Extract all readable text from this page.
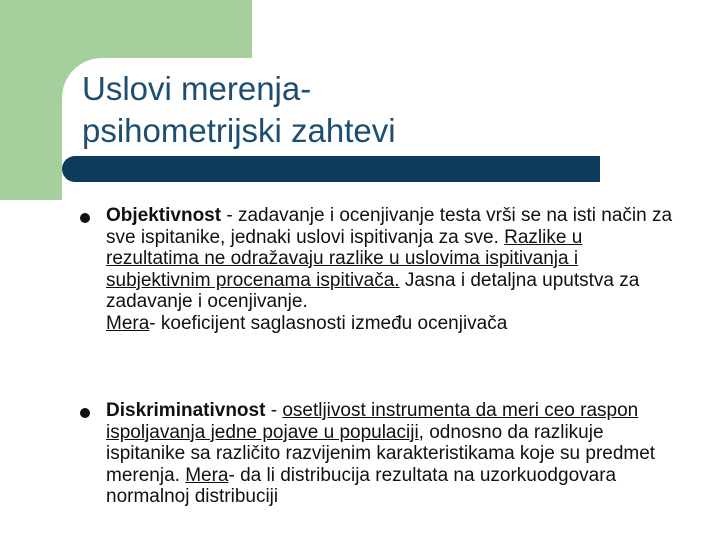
Uslovi merenja-
psihometrijski zahtevi
Objektivnost - zadavanje i ocenjivanje testa vrši se na isti način za sve ispitanike, jednaki uslovi ispitivanja za sve. Razlike u rezultatima ne odražavaju razlike u uslovima ispitivanja i subjektivnim procenama ispitivača. Jasna i detaljna uputstva za zadavanje i ocenjivanje.
Mera- koeficijent saglasnosti između ocenjivača
Diskriminativnost - osetljivost instrumenta da meri ceo raspon ispoljavanja jedne pojave u populaciji, odnosno da razlikuje ispitanike sa različito razvijenim karakteristikama koje su predmet merenja. Mera- da li distribucija rezultata na uzorkuodgovara normalnoj distribuciji
